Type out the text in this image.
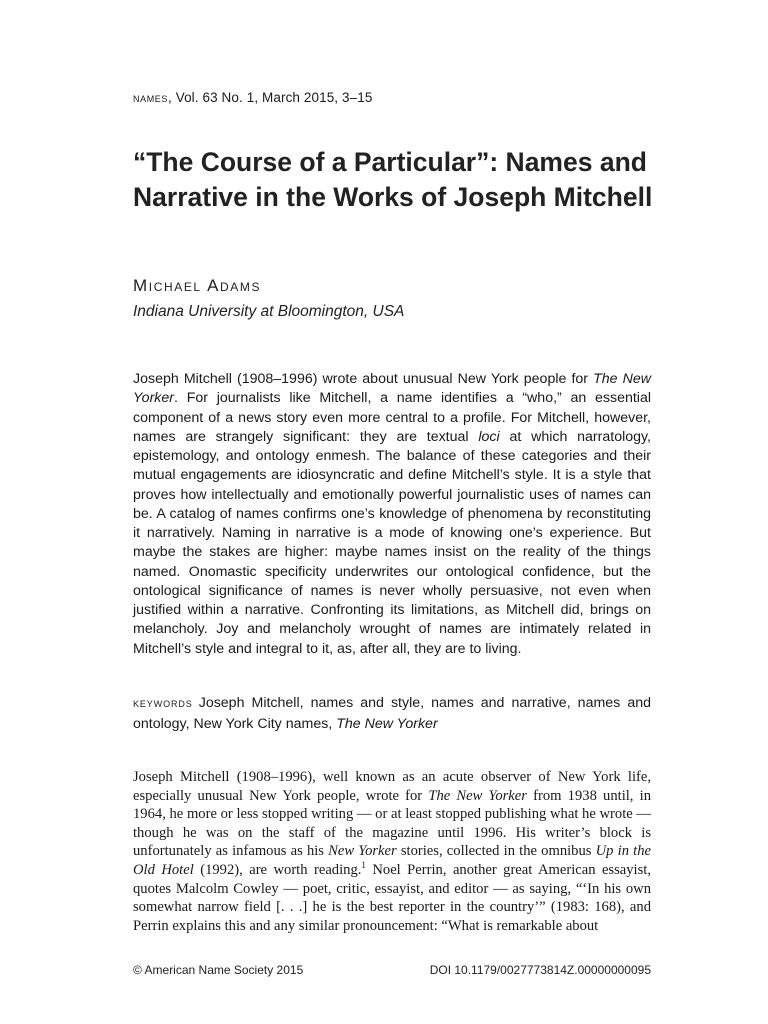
names, Vol. 63 No. 1, March 2015, 3–15
“The Course of a Particular”: Names and Narrative in the Works of Joseph Mitchell
Michael Adams
Indiana University at Bloomington, USA

Joseph Mitchell (1908–1996) wrote about unusual New York people for The New Yorker. For journalists like Mitchell, a name identifies a “who,” an essential component of a news story even more central to a profile. For Mitchell, however, names are strangely significant: they are textual loci at which narratology, epistemology, and ontology enmesh. The balance of these categories and their mutual engagements are idiosyncratic and define Mitchell’s style. It is a style that proves how intellectually and emotionally powerful journalistic uses of names can be. A catalog of names confirms one’s knowledge of phenomena by reconstituting it narratively. Naming in narrative is a mode of knowing one’s experience. But maybe the stakes are higher: maybe names insist on the reality of the things named. Onomastic specificity underwrites our ontological confidence, but the ontological significance of names is never wholly persuasive, not even when justified within a narrative. Confronting its limitations, as Mitchell did, brings on melancholy. Joy and melancholy wrought of names are intimately related in Mitchell’s style and integral to it, as, after all, they are to living.

keywords Joseph Mitchell, names and style, names and narrative, names and ontology, New York City names, The New Yorker

Joseph Mitchell (1908–1996), well known as an acute observer of New York life, especially unusual New York people, wrote for The New Yorker from 1938 until, in 1964, he more or less stopped writing — or at least stopped publishing what he wrote — though he was on the staff of the magazine until 1996. His writer’s block is unfortunately as infamous as his New Yorker stories, collected in the omnibus Up in the Old Hotel (1992), are worth reading.$^1$ Noel Perrin, another great American essayist, quotes Malcolm Cowley — poet, critic, essayist, and editor — as saying, “‘In his own somewhat narrow field [. . .] he is the best reporter in the country’” (1983: 168), and Perrin explains this and any similar pronouncement: “What is remarkable about

© American Name Society 2015	DOI 10.1179/0027773814Z.00000000095
